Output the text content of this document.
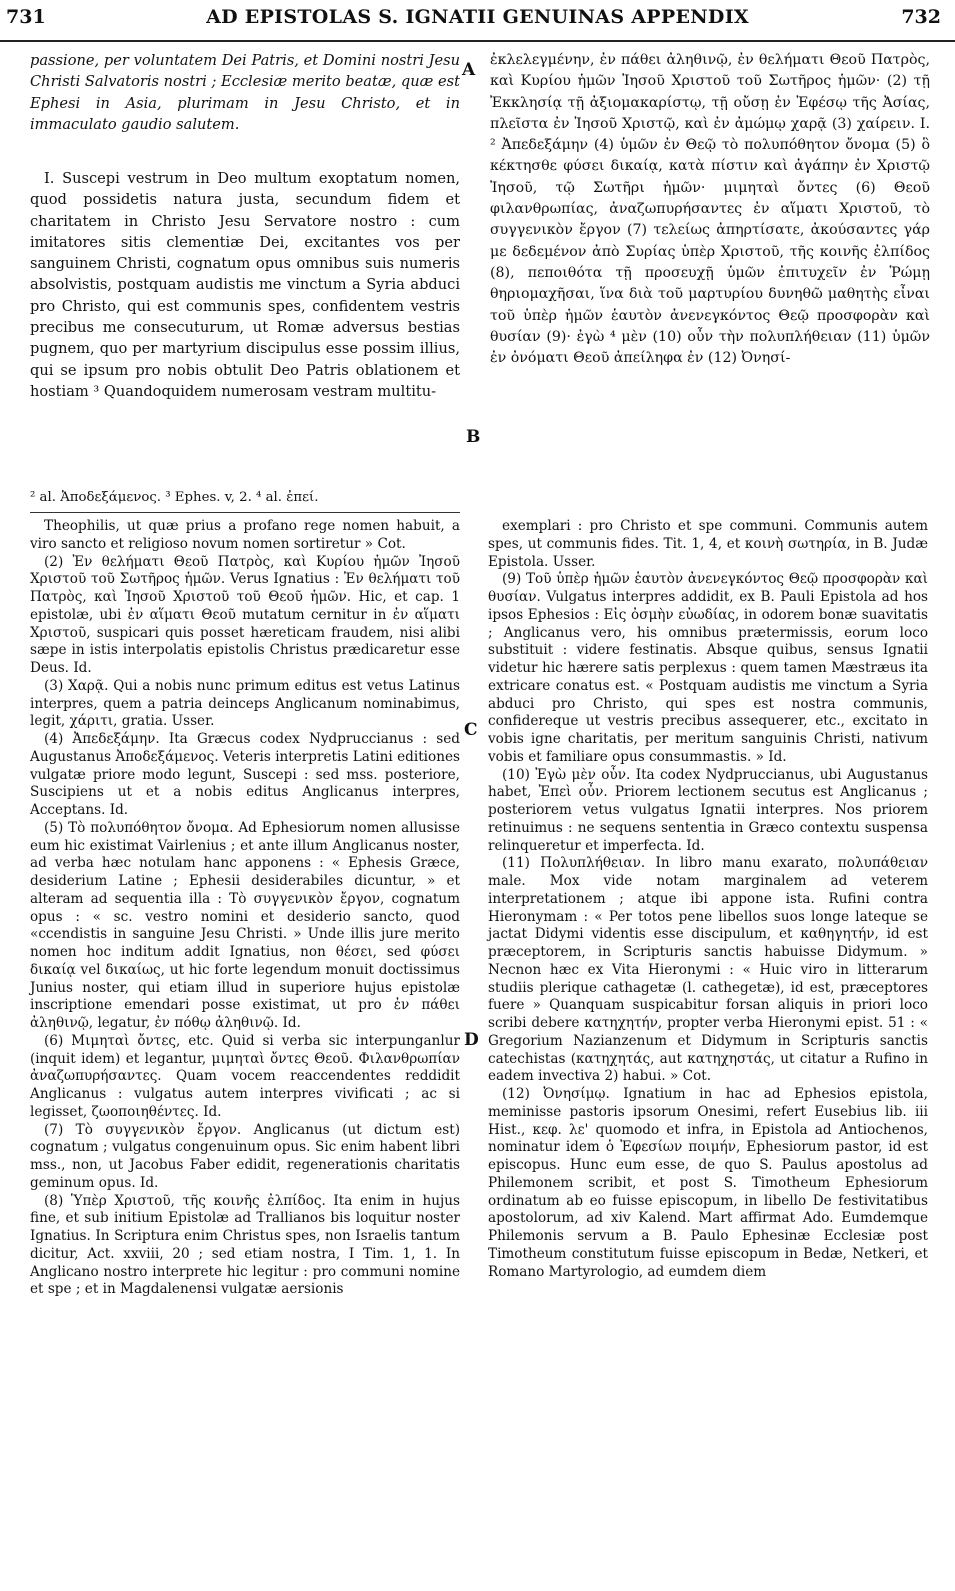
731	AD EPISTOLAS S. IGNATII GENUINAS APPENDIX	732

passione, per voluntatem Dei Patris, et Domini nostri Jesu Christi Salvatoris nostri ; Ecclesiæ merito beatæ, quæ est Ephesi in Asia, plurimam in Jesu Christo, et in immaculato gaudio salutem.

I. Suscepi vestrum in Deo multum exoptatum nomen, quod possidetis natura justa, secundum fidem et charitatem in Christo Jesu Servatore nostro : cum imitatores sitis clementiæ Dei, excitantes vos per sanguinem Christi, cognatum opus omnibus suis numeris absolvistis, postquam audistis me vinctum a Syria abduci pro Christo, qui est communis spes, confidentem vestris precibus me consecuturum, ut Romæ adversus bestias pugnem, quo per martyrium discipulus esse possim illius, qui se ipsum pro nobis obtulit Deo Patris oblationem et hostiam ³ Quandoquidem numerosam vestram multitu-

ἐκλελεγμένην, ἐν πάθει ἀληθινῷ, ἐν θελήματι Θεοῦ Πατρὸς, καὶ Κυρίου ἡμῶν Ἰησοῦ Χριστοῦ τοῦ Σωτῆρος ἡμῶν· (2) τῇ Ἐκκλησίᾳ τῇ ἀξιομακαρίστῳ, τῇ οὔσῃ ἐν Ἐφέσῳ τῆς Ἀσίας, πλεῖστα ἐν Ἰησοῦ Χριστῷ, καὶ ἐν ἀμώμῳ χαρᾷ (3) χαίρειν. I. ² Ἀπεδεξάμην (4) ὑμῶν ἐν Θεῷ τὸ πολυπόθητον ὄνομα (5) ὃ κέκτησθε φύσει δικαίᾳ, κατὰ πίστιν καὶ ἀγάπην ἐν Χριστῷ Ἰησοῦ, τῷ Σωτῆρι ἡμῶν· μιμηταὶ ὄντες (6) Θεοῦ φιλανθρωπίας, ἀναζωπυρήσαντες ἐν αἵματι Χριστοῦ, τὸ συγγενικὸν ἔργον (7) τελείως ἀπηρτίσατε, ἀκούσαντες γάρ με δεδεμένον ἀπὸ Συρίας ὑπὲρ Χριστοῦ, τῆς κοινῆς ἐλπίδος (8), πεποιθότα τῇ προσευχῇ ὑμῶν ἐπιτυχεῖν ἐν Ῥώμῃ θηριομαχῆσαι, ἵνα διὰ τοῦ μαρτυρίου δυνηθῶ μαθητὴς εἶναι τοῦ ὑπὲρ ἡμῶν ἑαυτὸν ἀνενεγκόντος Θεῷ προσφορὰν καὶ θυσίαν (9)· ἐγὼ ⁴ μὲν (10) οὖν τὴν πολυπλήθειαν (11) ὑμῶν ἐν ὀνόματι Θεοῦ ἀπείληφα ἐν (12) Ὀνησί-

A
B
C
D

² al. Ἀποδεξάμενος. ³ Ephes. v, 2. ⁴ al. ἐπεί.

Theophilis, ut quæ prius a profano rege nomen habuit, a viro sancto et religioso novum nomen sortiretur » Cot.

(2) Ἐν θελήματι Θεοῦ Πατρὸς, καὶ Κυρίου ἡμῶν Ἰησοῦ Χριστοῦ τοῦ Σωτῆρος ἡμῶν. Verus Ignatius : Ἐν θελήματι τοῦ Πατρὸς, καὶ Ἰησοῦ Χριστοῦ τοῦ Θεοῦ ἡμῶν. Hic, et cap. 1 epistolæ, ubi ἐν αἵματι Θεοῦ mutatum cernitur in ἐν αἵματι Χριστοῦ, suspicari quis posset hæreticam fraudem, nisi alibi sæpe in istis interpolatis epistolis Christus prædicaretur esse Deus. Id.

(3) Χαρᾷ. Qui a nobis nunc primum editus est vetus Latinus interpres, quem a patria deinceps Anglicanum nominabimus, legit, χάριτι, gratia. Usser.

(4) Ἀπεδεξάμην. Ita Græcus codex Nydpruccianus : sed Augustanus Ἀποδεξάμενος. Veteris interpretis Latini editiones vulgatæ priore modo legunt, Suscepi : sed mss. posteriore, Suscipiens ut et a nobis editus Anglicanus interpres, Acceptans. Id.

(5) Τὸ πολυπόθητον ὄνομα. Ad Ephesiorum nomen allusisse eum hic existimat Vairlenius ; et ante illum Anglicanus noster, ad verba hæc notulam hanc apponens : « Ephesis Græce, desiderium Latine ; Ephesii desiderabiles dicuntur, » et alteram ad sequentia illa : Τὸ συγγενικὸν ἔργον, cognatum opus : « sc. vestro nomini et desiderio sancto, quod «ccendistis in sanguine Jesu Christi. » Unde illis jure merito nomen hoc inditum addit Ignatius, non θέσει, sed φύσει δικαίᾳ vel δικαίως, ut hic forte legendum monuit doctissimus Junius noster, qui etiam illud in superiore hujus epistolæ inscriptione emendari posse existimat, ut pro ἐν πάθει ἀληθινῷ, legatur, ἐν πόθῳ ἀληθινῷ. Id.

(6) Μιμηταὶ ὄντες, etc. Quid si verba sic interpunganlur (inquit idem) et legantur, μιμηταὶ ὄντες Θεοῦ. Φιλανθρωπίαν ἀναζωπυρήσαντες. Quam vocem reaccendentes reddidit Anglicanus : vulgatus autem interpres vivificati ; ac si legisset, ζωοποιηθέντες. Id.

(7) Τὸ συγγενικὸν ἔργον. Anglicanus (ut dictum est) cognatum ; vulgatus congenuinum opus. Sic enim habent libri mss., non, ut Jacobus Faber edidit, regenerationis charitatis geminum opus. Id.

(8) Ὑπὲρ Χριστοῦ, τῆς κοινῆς ἐλπίδος. Ita enim in hujus fine, et sub initium Epistolæ ad Trallianos bis loquitur noster Ignatius. In Scriptura enim Christus spes, non Israelis tantum dicitur, Act. xxviii, 20 ; sed etiam nostra, I Tim. 1, 1. In Anglicano nostro interprete hic legitur : pro communi nomine et spe ; et in Magdalenensi vulgatæ aersionis

exemplari : pro Christo et spe communi. Communis autem spes, ut communis fides. Tit. 1, 4, et κοινὴ σωτηρία, in B. Judæ Epistola. Usser.

(9) Τοῦ ὑπὲρ ἡμῶν ἑαυτὸν ἀνενεγκόντος Θεῷ προσφορὰν καὶ θυσίαν. Vulgatus interpres addidit, ex B. Pauli Epistola ad hos ipsos Ephesios : Εἰς ὀσμὴν εὐωδίας, in odorem bonæ suavitatis ; Anglicanus vero, his omnibus prætermissis, eorum loco substituit : videre festinatis. Absque quibus, sensus Ignatii videtur hic hærere satis perplexus : quem tamen Mæstræus ita extricare conatus est. « Postquam audistis me vinctum a Syria abduci pro Christo, qui spes est nostra communis, confidereque ut vestris precibus assequerer, etc., excitato in vobis igne charitatis, per meritum sanguinis Christi, nativum vobis et familiare opus consummastis. » Id.

(10) Ἐγὼ μὲν οὖν. Ita codex Nydpruccianus, ubi Augustanus habet, Ἐπεὶ οὖν. Priorem lectionem secutus est Anglicanus ; posteriorem vetus vulgatus Ignatii interpres. Nos priorem retinuimus : ne sequens sententia in Græco contextu suspensa relinqueretur et imperfecta. Id.

(11) Πολυπλήθειαν. In libro manu exarato, πολυπάθειαν male. Mox vide notam marginalem ad veterem interpretationem ; atque ibi appone ista. Rufini contra Hieronymam : « Per totos pene libellos suos longe lateque se jactat Didymi videntis esse discipulum, et καθηγητήν, id est præceptorem, in Scripturis sanctis habuisse Didymum. » Necnon hæc ex Vita Hieronymi : « Huic viro in litterarum studiis plerique cathagetæ (l. cathegetæ), id est, præceptores fuere » Quanquam suspicabitur forsan aliquis in priori loco scribi debere κατηχητήν, propter verba Hieronymi epist. 51 : « Gregorium Nazianzenum et Didymum in Scripturis sanctis catechistas (κατηχητάς, aut κατηχηστάς, ut citatur a Rufino in eadem invectiva 2) habui. » Cot.

(12) Ὀνησίμῳ. Ignatium in hac ad Ephesios epistola, meminisse pastoris ipsorum Onesimi, refert Eusebius lib. iii Hist., κεφ. λε' quomodo et infra, in Epistola ad Antiochenos, nominatur idem ὁ Ἐφεσίων ποιμήν, Ephesiorum pastor, id est episcopus. Hunc eum esse, de quo S. Paulus apostolus ad Philemonem scribit, et post S. Timotheum Ephesiorum ordinatum ab eo fuisse episcopum, in libello De festivitatibus apostolorum, ad xiv Kalend. Mart affirmat Ado. Eumdemque Philemonis servum a B. Paulo Ephesinæ Ecclesiæ post Timotheum constitutum fuisse episcopum in Bedæ, Netkeri, et Romano Martyrologio, ad eumdem diem
